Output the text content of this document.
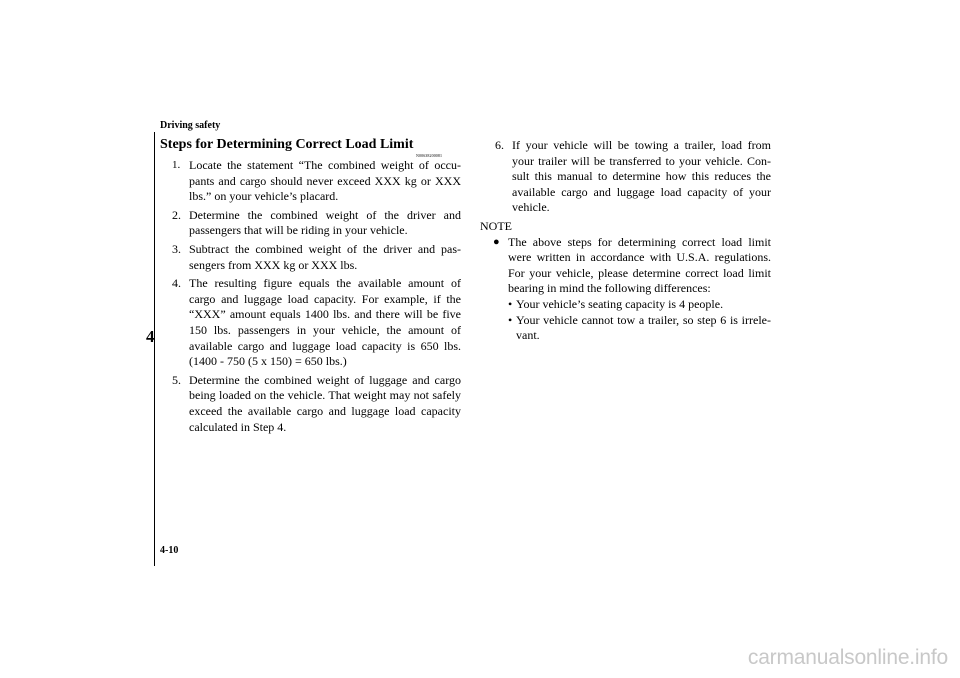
Driving safety
4
Steps for Determining Correct Load Limit
N00638200081
1. Locate the statement “The combined weight of occu-pants and cargo should never exceed XXX kg or XXX lbs.” on your vehicle’s placard.
2. Determine the combined weight of the driver and passengers that will be riding in your vehicle.
3. Subtract the combined weight of the driver and pas-sengers from XXX kg or XXX lbs.
4. The resulting figure equals the available amount of cargo and luggage load capacity. For example, if the “XXX” amount equals 1400 lbs. and there will be five 150 lbs. passengers in your vehicle, the amount of available cargo and luggage load capacity is 650 lbs. (1400 - 750 (5 x 150) = 650 lbs.)
5. Determine the combined weight of luggage and cargo being loaded on the vehicle. That weight may not safely exceed the available cargo and luggage load capacity calculated in Step 4.
6. If your vehicle will be towing a trailer, load from your trailer will be transferred to your vehicle. Con-sult this manual to determine how this reduces the available cargo and luggage load capacity of your vehicle.
NOTE
● The above steps for determining correct load limit were written in accordance with U.S.A. regulations. For your vehicle, please determine correct load limit bearing in mind the following differences:
• Your vehicle’s seating capacity is 4 people.
• Your vehicle cannot tow a trailer, so step 6 is irrele-vant.
4-10
carmanualsonline.info
